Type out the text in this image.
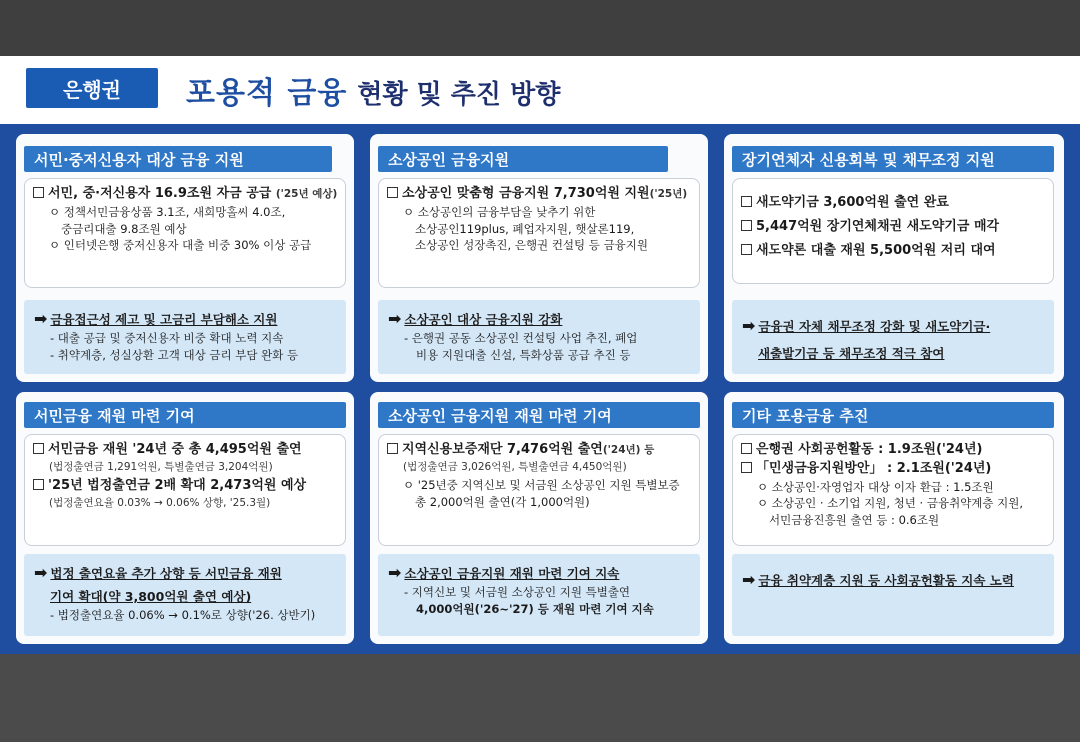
은행권	포용적 금융 현황 및 추진 방향
서민·중저신용자 대상 금융 지원
서민, 중·저신용자 16.9조원 자금 공급 ('25년 예상)
ㅇ 정책서민금융상품 3.1조, 새희망홀씨 4.0조,
중금리대출 9.8조원 예상
ㅇ 인터넷은행 중저신용자 대출 비중 30% 이상 공급
➡ 금융접근성 제고 및 고금리 부담해소 지원
- 대출 공급 및 중저신용자 비중 확대 노력 지속
- 취약계층, 성실상환 고객 대상 금리 부담 완화 등
소상공인 금융지원
소상공인 맞춤형 금융지원 7,730억원 지원('25년)
ㅇ 소상공인의 금융부담을 낮추기 위한
소상공인119plus, 폐업자지원, 햇살론119,
소상공인 성장촉진, 은행권 컨설팅 등 금융지원
➡ 소상공인 대상 금융지원 강화
- 은행권 공동 소상공인 컨설팅 사업 추진, 폐업
비용 지원대출 신설, 특화상품 공급 추진 등
장기연체자 신용회복 및 채무조정 지원
새도약기금 3,600억원 출연 완료
5,447억원 장기연체채권 새도약기금 매각
새도약론 대출 재원 5,500억원 저리 대여
➡ 금융권 자체 채무조정 강화 및 새도약기금·
새출발기금 등 채무조정 적극 참여
서민금융 재원 마련 기여
서민금융 재원 '24년 중 총 4,495억원 출연
(법정출연금 1,291억원, 특별출연금 3,204억원)
'25년 법정출연금 2배 확대 2,473억원 예상
(법정출연요율 0.03% → 0.06% 상향, '25.3월)
➡ 법정 출연요율 추가 상향 등 서민금융 재원
기여 확대(약 3,800억원 출연 예상)
- 법정출연요율 0.06% → 0.1%로 상향('26. 상반기)
소상공인 금융지원 재원 마련 기여
지역신용보증재단 7,476억원 출연('24년) 등
(법정출연금 3,026억원, 특별출연금 4,450억원)
ㅇ '25년중 지역신보 및 서금원 소상공인 지원 특별보증
총 2,000억원 출연(각 1,000억원)
➡ 소상공인 금융지원 재원 마련 기여 지속
- 지역신보 및 서금원 소상공인 지원 특별출연
4,000억원('26~'27) 등 재원 마련 기여 지속
기타 포용금융 추진
은행권 사회공헌활동 : 1.9조원('24년)
「민생금융지원방안」 : 2.1조원('24년)
ㅇ 소상공인·자영업자 대상 이자 환급 : 1.5조원
ㅇ 소상공인 · 소기업 지원, 청년 · 금융취약계층 지원,
서민금융진흥원 출연 등 : 0.6조원
➡ 금융 취약계층 지원 등 사회공헌활동 지속 노력
